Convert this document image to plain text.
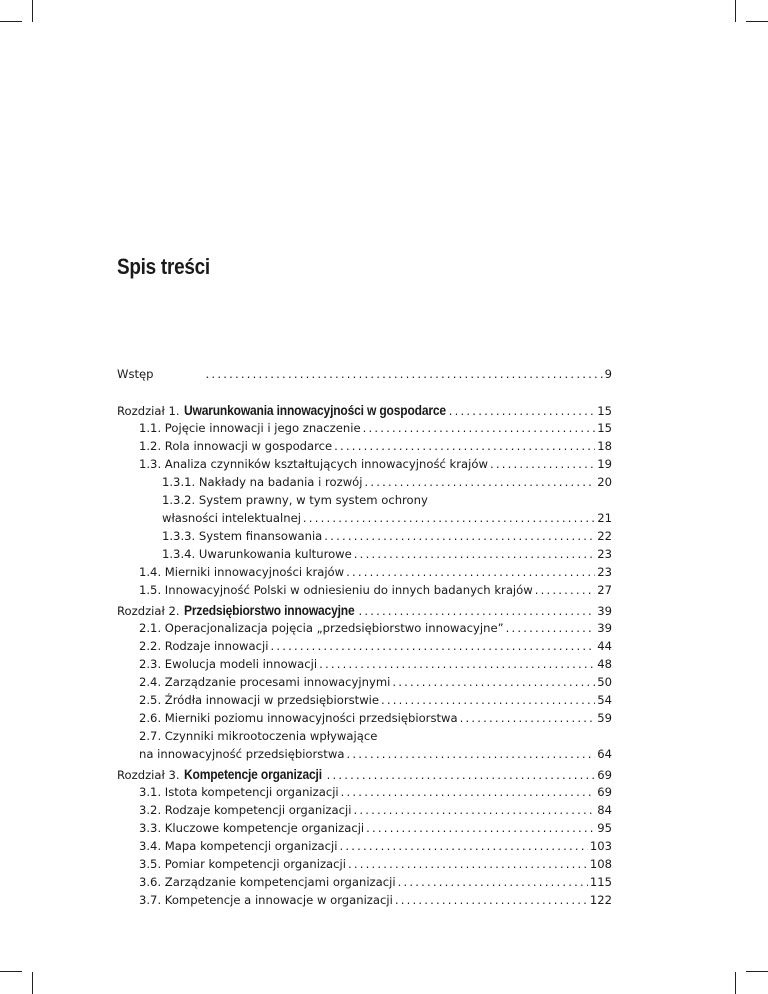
Spis treści
Wstęp .....	9
Rozdział 1. Uwarunkowania innowacyjności w gospodarce .....	15
1.1. Pojęcie innowacji i jego znaczenie .....	15
1.2. Rola innowacji w gospodarce .....	18
1.3. Analiza czynników kształtujących innowacyjność krajów .....	19
1.3.1. Nakłady na badania i rozwój .....	20
1.3.2. System prawny, w tym system ochrony
własności intelektualnej .....	21
1.3.3. System finansowania .....	22
1.3.4. Uwarunkowania kulturowe .....	23
1.4. Mierniki innowacyjności krajów .....	23
1.5. Innowacyjność Polski w odniesieniu do innych badanych krajów .....	27
Rozdział 2. Przedsiębiorstwo innowacyjne .....	39
2.1. Operacjonalizacja pojęcia „przedsiębiorstwo innowacyjne” .....	39
2.2. Rodzaje innowacji .....	44
2.3. Ewolucja modeli innowacji .....	48
2.4. Zarządzanie procesami innowacyjnymi .....	50
2.5. Źródła innowacji w przedsiębiorstwie .....	54
2.6. Mierniki poziomu innowacyjności przedsiębiorstwa .....	59
2.7. Czynniki mikrootoczenia wpływające
na innowacyjność przedsiębiorstwa .....	64
Rozdział 3. Kompetencje organizacji .....	69
3.1. Istota kompetencji organizacji .....	69
3.2. Rodzaje kompetencji organizacji .....	84
3.3. Kluczowe kompetencje organizacji .....	95
3.4. Mapa kompetencji organizacji .....	103
3.5. Pomiar kompetencji organizacji .....	108
3.6. Zarządzanie kompetencjami organizacji .....	115
3.7. Kompetencje a innowacje w organizacji .....	122
